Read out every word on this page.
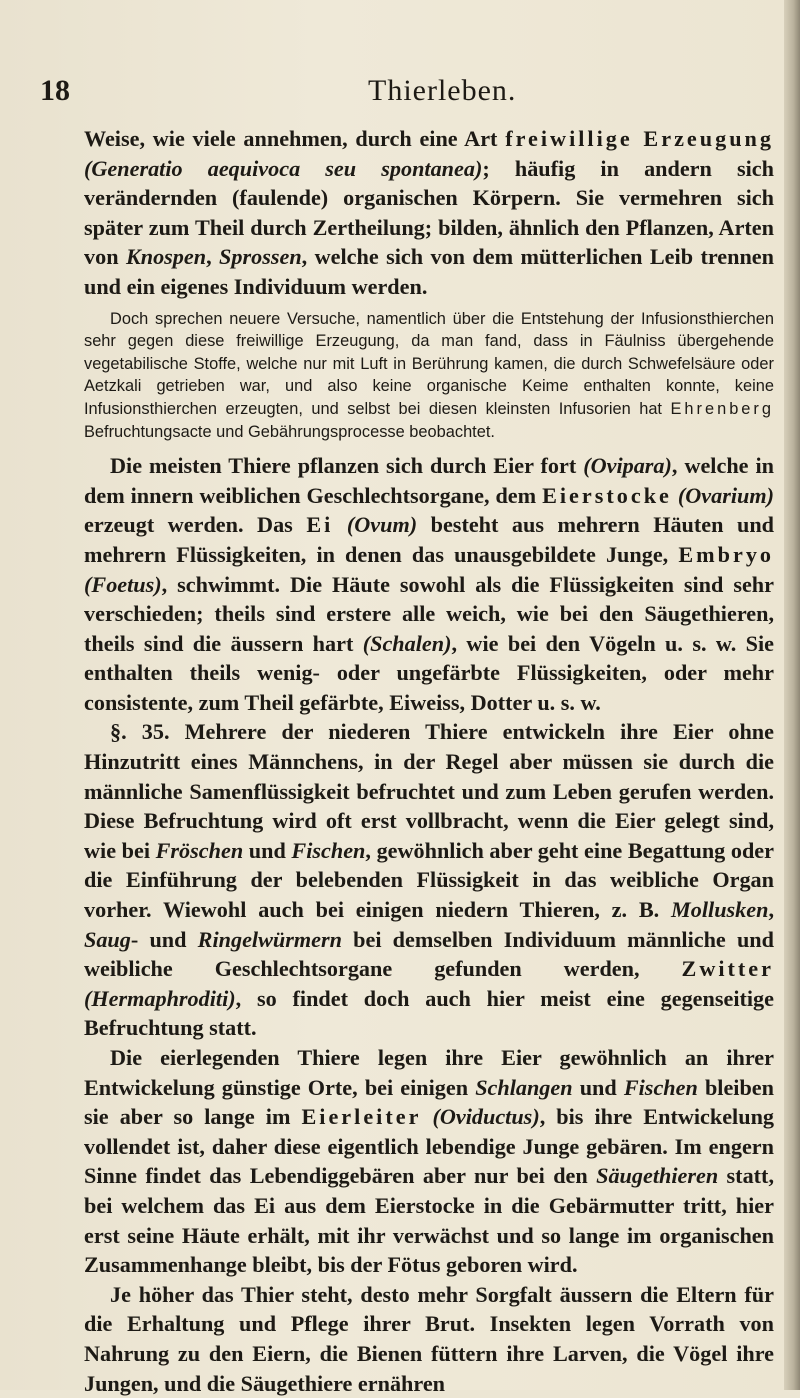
18	Thierleben.

Weise, wie viele annehmen, durch eine Art freiwillige Erzeugung (Generatio aequivoca seu spontanea); häufig in andern sich verändernden (faulende) organischen Körpern. Sie vermehren sich später zum Theil durch Zertheilung; bilden, ähnlich den Pflanzen, Arten von Knospen, Sprossen, welche sich von dem mütterlichen Leib trennen und ein eigenes Individuum werden.

Doch sprechen neuere Versuche, namentlich über die Entstehung der Infusionsthierchen sehr gegen diese freiwillige Erzeugung, da man fand, dass in Fäulniss übergehende vegetabilische Stoffe, welche nur mit Luft in Berührung kamen, die durch Schwefelsäure oder Aetzkali getrieben war, und also keine organische Keime enthalten konnte, keine Infusionsthierchen erzeugten, und selbst bei diesen kleinsten Infusorien hat Ehrenberg Befruchtungsacte und Gebährungsprocesse beobachtet.

Die meisten Thiere pflanzen sich durch Eier fort (Ovipara), welche in dem innern weiblichen Geschlechtsorgane, dem Eierstocke (Ovarium) erzeugt werden. Das Ei (Ovum) besteht aus mehrern Häuten und mehrern Flüssigkeiten, in denen das unausgebildete Junge, Embryo (Foetus), schwimmt. Die Häute sowohl als die Flüssigkeiten sind sehr verschieden; theils sind erstere alle weich, wie bei den Säugethieren, theils sind die äussern hart (Schalen), wie bei den Vögeln u. s. w. Sie enthalten theils wenig- oder ungefärbte Flüssigkeiten, oder mehr consistente, zum Theil gefärbte, Eiweiss, Dotter u. s. w.

§. 35. Mehrere der niederen Thiere entwickeln ihre Eier ohne Hinzutritt eines Männchens, in der Regel aber müssen sie durch die männliche Samenflüssigkeit befruchtet und zum Leben gerufen werden. Diese Befruchtung wird oft erst vollbracht, wenn die Eier gelegt sind, wie bei Fröschen und Fischen, gewöhnlich aber geht eine Begattung oder die Einführung der belebenden Flüssigkeit in das weibliche Organ vorher. Wiewohl auch bei einigen niedern Thieren, z. B. Mollusken, Saug- und Ringelwürmern bei demselben Individuum männliche und weibliche Geschlechtsorgane gefunden werden, Zwitter (Hermaphroditi), so findet doch auch hier meist eine gegenseitige Befruchtung statt.

Die eierlegenden Thiere legen ihre Eier gewöhnlich an ihrer Entwickelung günstige Orte, bei einigen Schlangen und Fischen bleiben sie aber so lange im Eierleiter (Oviductus), bis ihre Entwickelung vollendet ist, daher diese eigentlich lebendige Junge gebären. Im engern Sinne findet das Lebendiggebären aber nur bei den Säugethieren statt, bei welchem das Ei aus dem Eierstocke in die Gebärmutter tritt, hier erst seine Häute erhält, mit ihr verwächst und so lange im organischen Zusammenhange bleibt, bis der Fötus geboren wird.

Je höher das Thier steht, desto mehr Sorgfalt äussern die Eltern für die Erhaltung und Pflege ihrer Brut. Insekten legen Vorrath von Nahrung zu den Eiern, die Bienen füttern ihre Larven, die Vögel ihre Jungen, und die Säugethiere ernähren
